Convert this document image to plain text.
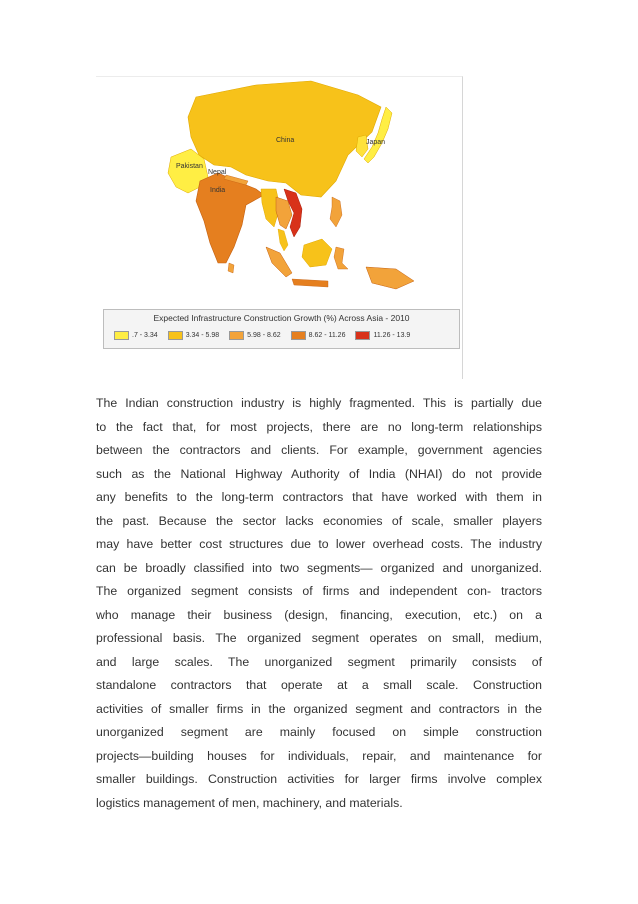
China	Japan
Pakistan
Nepal
India
Expected Infrastructure Construction Growth (%) Across Asia - 2010
.7 - 3.34	3.34 - 5.98	5.98 - 8.62	8.62 - 11.26	11.26 - 13.9

The Indian construction industry is highly fragmented. This is partially due
to the fact that, for most projects, there are no long-term relationships
between the contractors and clients. For example, government agencies
such as the National Highway Authority of India (NHAI) do not provide
any benefits to the long-term contractors that have worked with them in
the past. Because the sector lacks economies of scale, smaller players
may have better cost structures due to lower overhead costs. The industry
can be broadly classified into two segments— organized and unorganized.
The organized segment consists of firms and independent con- tractors
who manage their business (design, financing, execution, etc.) on a
professional basis. The organized segment operates on small, medium,
and large scales. The unorganized segment primarily consists of
standalone contractors that operate at a small scale. Construction
activities of smaller firms in the organized segment and contractors in the
unorganized segment are mainly focused on simple construction
projects—building houses for individuals, repair, and maintenance for
smaller buildings. Construction activities for larger firms involve complex
logistics management of men, machinery, and materials.
